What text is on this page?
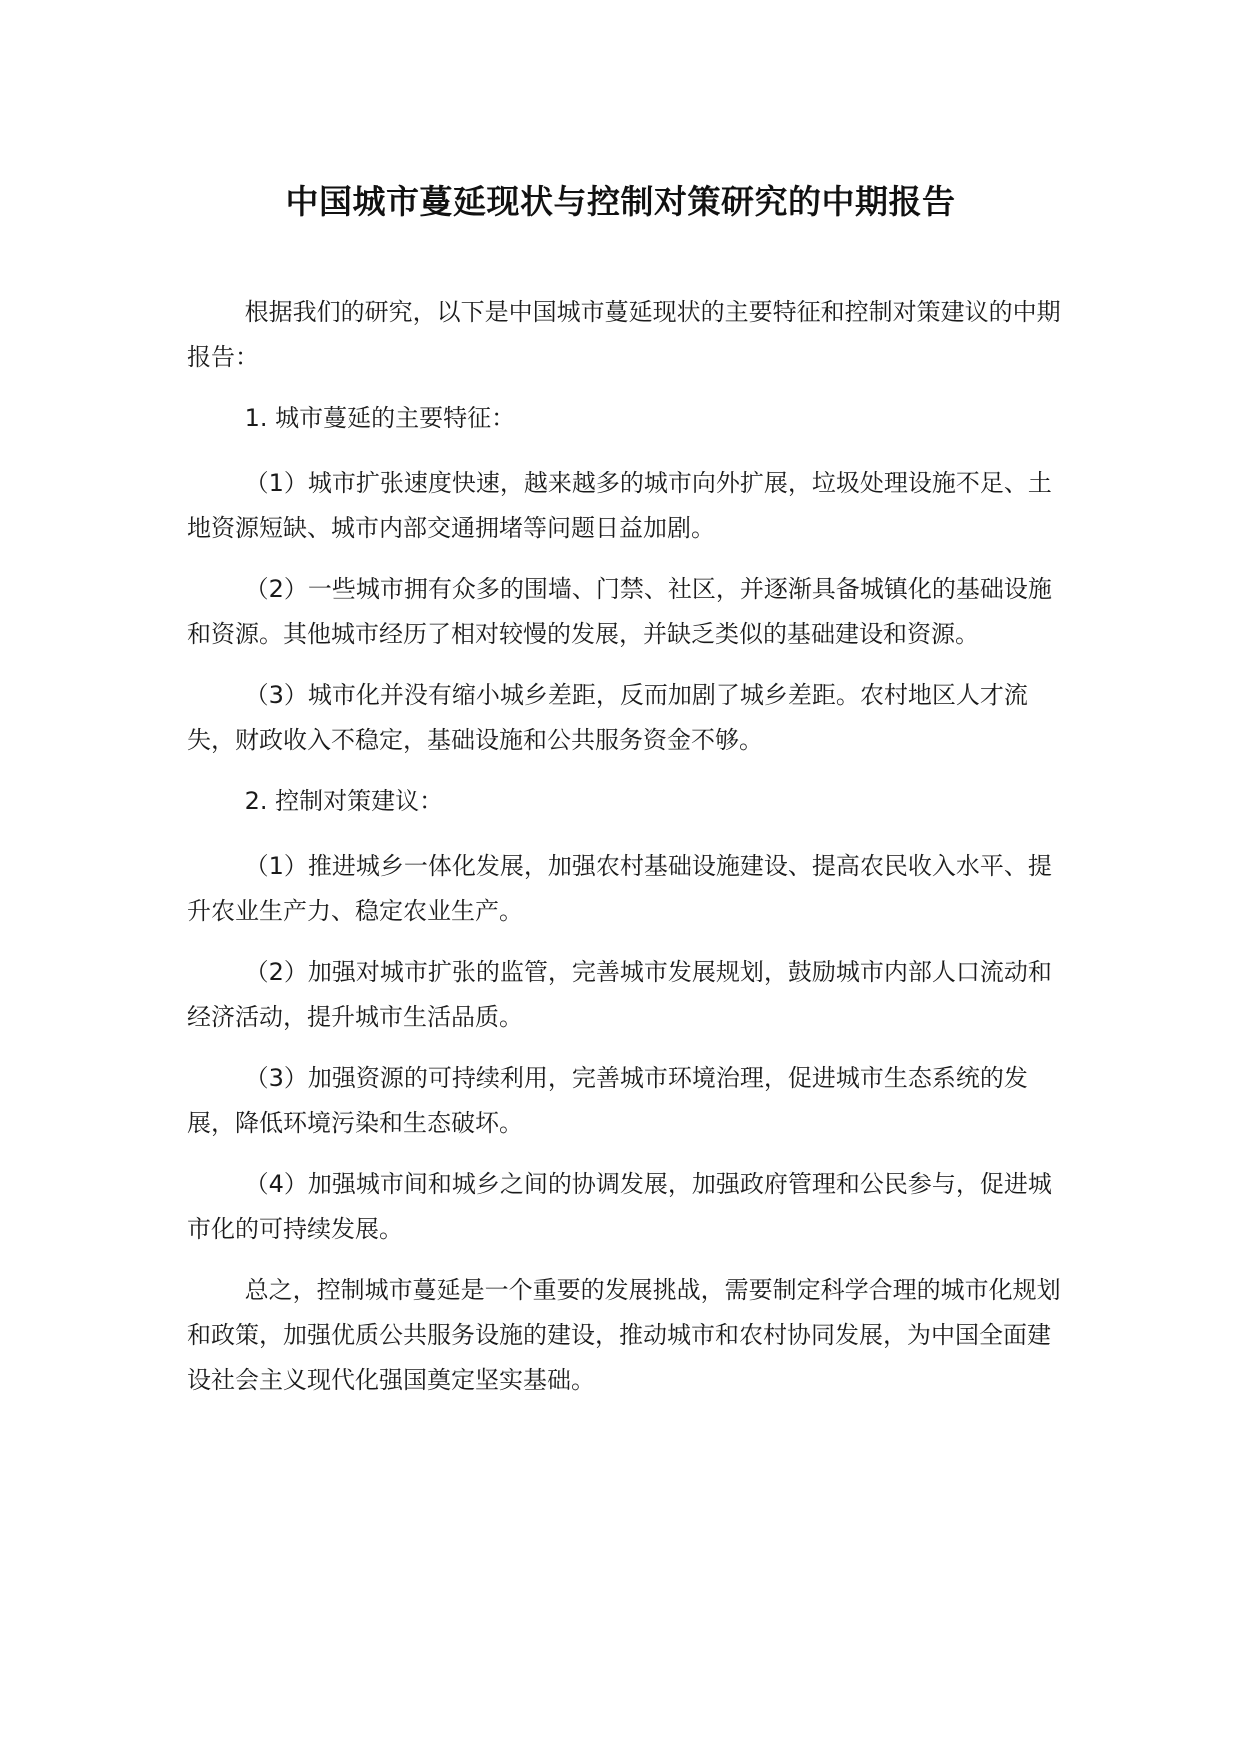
中国城市蔓延现状与控制对策研究的中期报告

根据我们的研究，以下是中国城市蔓延现状的主要特征和控制对策建议的中期报告：

1. 城市蔓延的主要特征：

（1）城市扩张速度快速，越来越多的城市向外扩展，垃圾处理设施不足、土地资源短缺、城市内部交通拥堵等问题日益加剧。

（2）一些城市拥有众多的围墙、门禁、社区，并逐渐具备城镇化的基础设施和资源。其他城市经历了相对较慢的发展，并缺乏类似的基础建设和资源。

（3）城市化并没有缩小城乡差距，反而加剧了城乡差距。农村地区人才流失，财政收入不稳定，基础设施和公共服务资金不够。

2. 控制对策建议：

（1）推进城乡一体化发展，加强农村基础设施建设、提高农民收入水平、提升农业生产力、稳定农业生产。

（2）加强对城市扩张的监管，完善城市发展规划，鼓励城市内部人口流动和经济活动，提升城市生活品质。

（3）加强资源的可持续利用，完善城市环境治理，促进城市生态系统的发展，降低环境污染和生态破坏。

（4）加强城市间和城乡之间的协调发展，加强政府管理和公民参与，促进城市化的可持续发展。

总之，控制城市蔓延是一个重要的发展挑战，需要制定科学合理的城市化规划和政策，加强优质公共服务设施的建设，推动城市和农村协同发展，为中国全面建设社会主义现代化强国奠定坚实基础。
